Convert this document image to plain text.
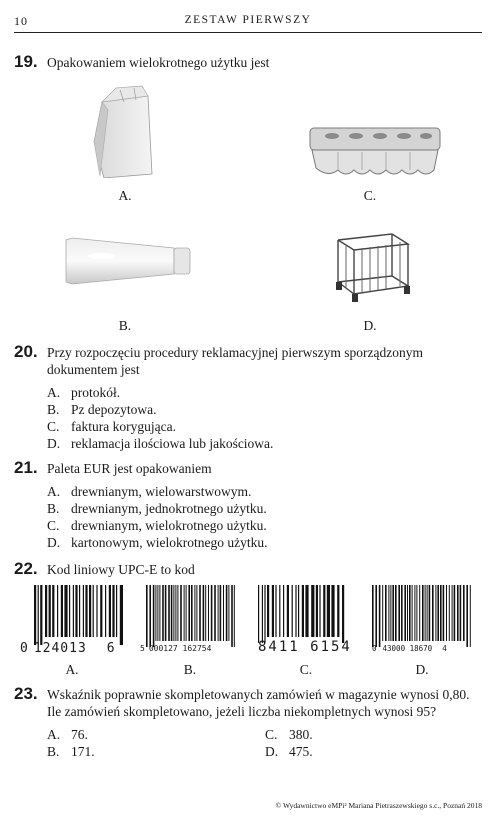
10	ZESTAW PIERWSZY
19. Opakowaniem wielokrotnego użytku jest
A.	C.
B.	D.
20. Przy rozpoczęciu procedury reklamacyjnej pierwszym sporządzonym dokumentem jest
A. protokół.
B. Pz depozytowa.
C. faktura korygująca.
D. reklamacja ilościowa lub jakościowa.
21. Paleta EUR jest opakowaniem
A. drewnianym, wielowarstwowym.
B. drewnianym, jednokrotnego użytku.
C. drewnianym, wielokrotnego użytku.
D. kartonowym, wielokrotnego użytku.
22. Kod liniowy UPC-E to kod
0 124013 6	5 000127 162754	8411 6154	0 43000 18670 4
A.	B.	C.	D.
23. Wskaźnik poprawnie skompletowanych zamówień w magazynie wynosi 0,80. Ile zamówień skompletowano, jeżeli liczba niekompletnych wynosi 95?
A. 76.
B. 171.
C. 380.
D. 475.
© Wydawnictwo eMPi² Mariana Pietraszewskiego s.c., Poznań 2018
